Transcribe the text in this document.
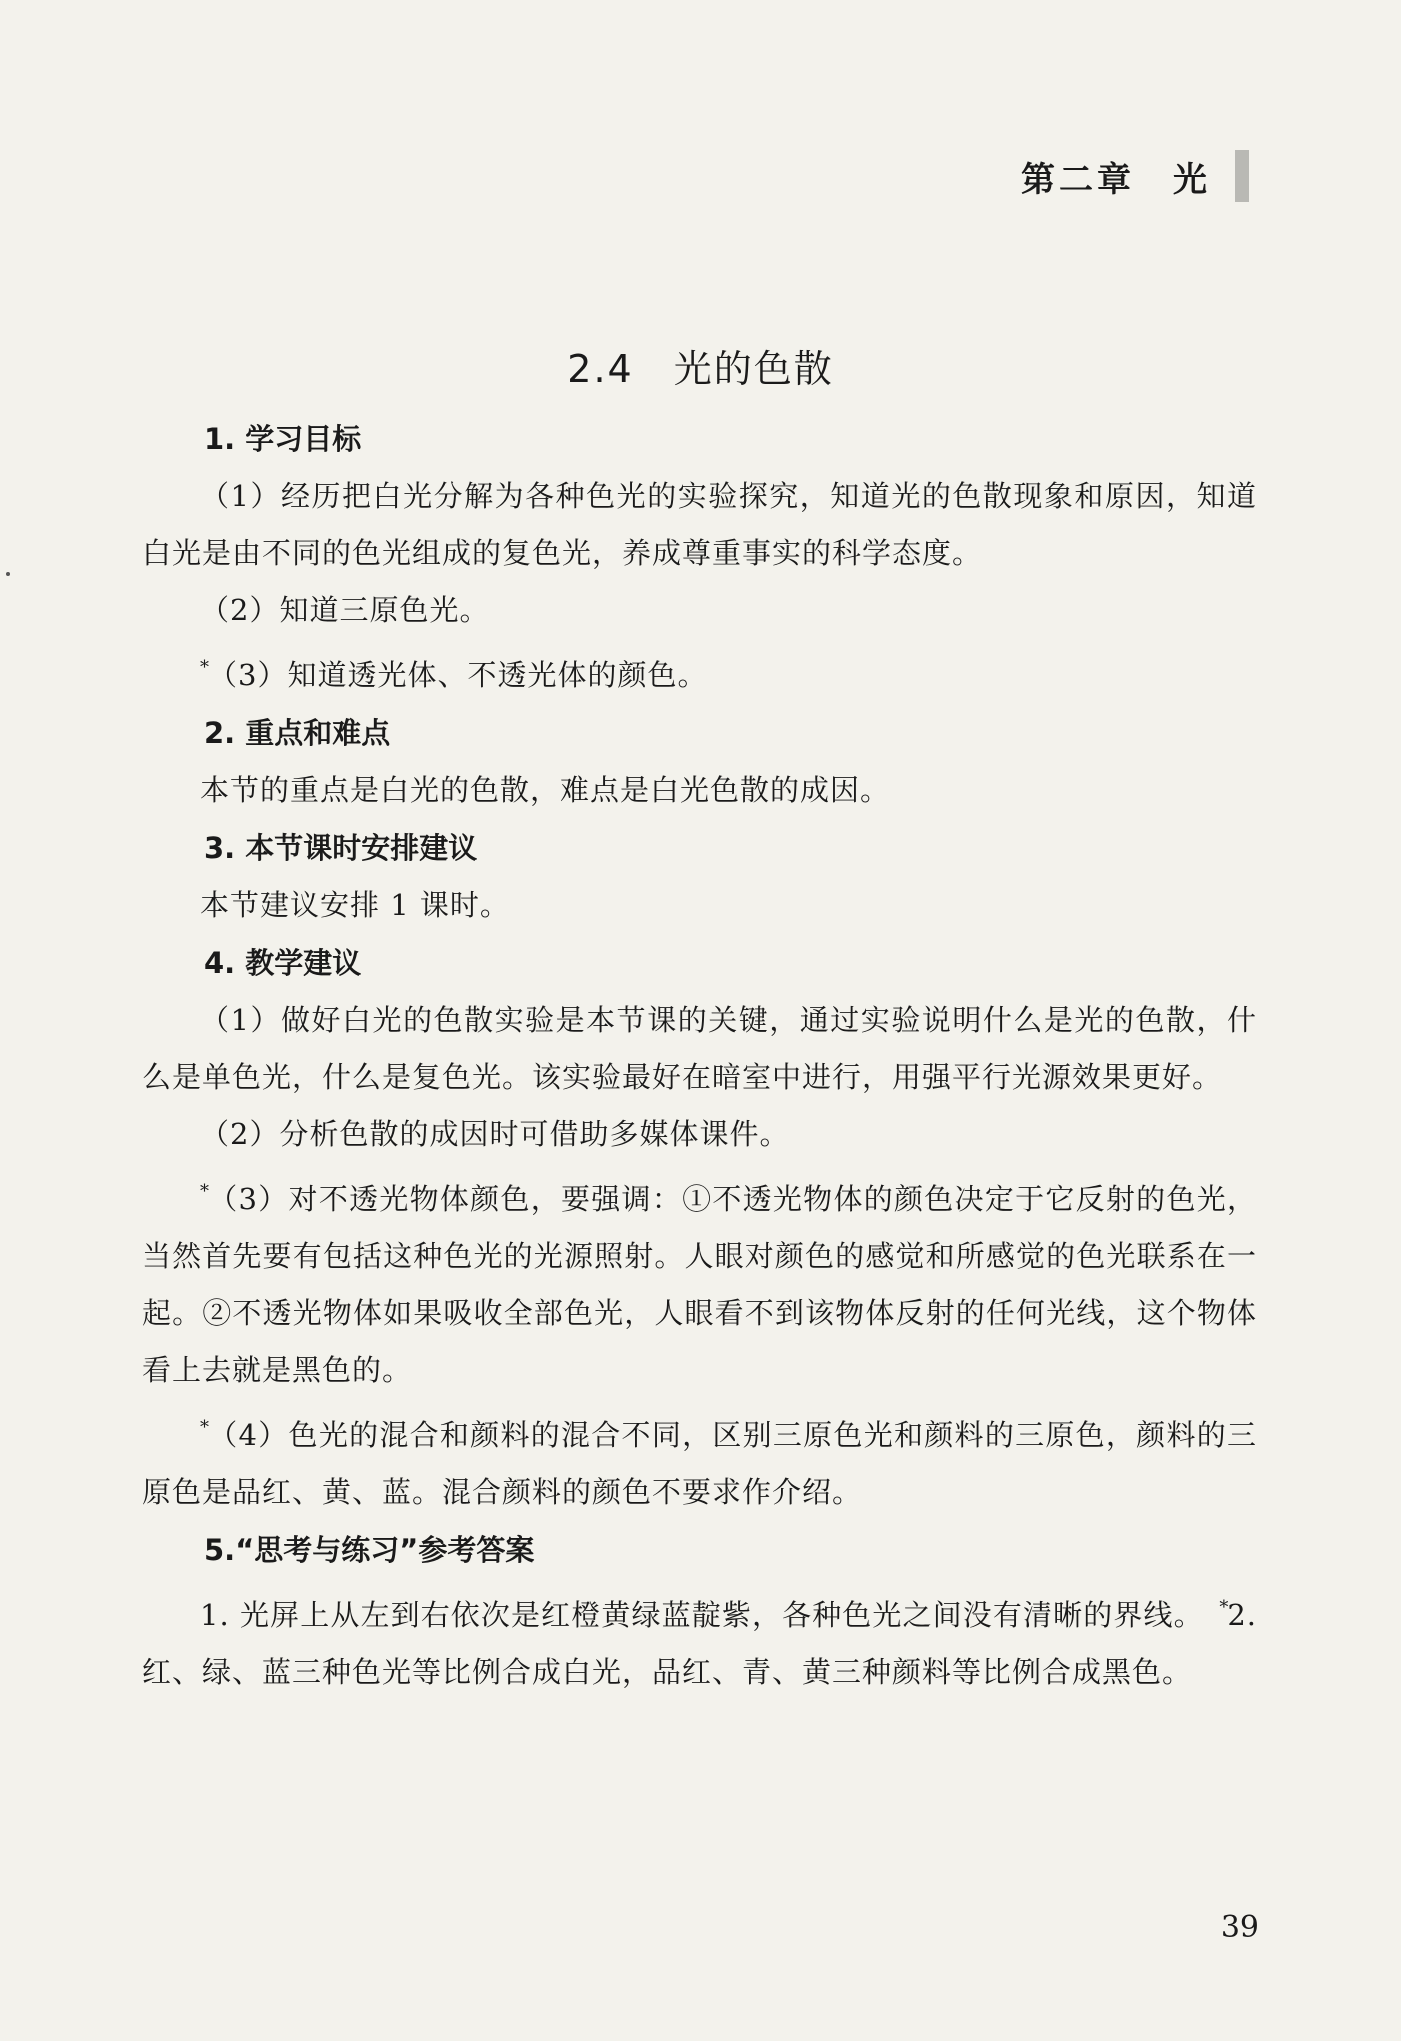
第二章　光
2.4　光的色散
1. 学习目标

（1）经历把白光分解为各种色光的实验探究，知道光的色散现象和原因，知道白光是由不同的色光组成的复色光，养成尊重事实的科学态度。

（2）知道三原色光。

*（3）知道透光体、不透光体的颜色。

2. 重点和难点

本节的重点是白光的色散，难点是白光色散的成因。

3. 本节课时安排建议

本节建议安排 1 课时。

4. 教学建议

（1）做好白光的色散实验是本节课的关键，通过实验说明什么是光的色散，什么是单色光，什么是复色光。该实验最好在暗室中进行，用强平行光源效果更好。

（2）分析色散的成因时可借助多媒体课件。

*（3）对不透光物体颜色，要强调：①不透光物体的颜色决定于它反射的色光，当然首先要有包括这种色光的光源照射。人眼对颜色的感觉和所感觉的色光联系在一起。②不透光物体如果吸收全部色光，人眼看不到该物体反射的任何光线，这个物体看上去就是黑色的。

*（4）色光的混合和颜料的混合不同，区别三原色光和颜料的三原色，颜料的三原色是品红、黄、蓝。混合颜料的颜色不要求作介绍。

5.“思考与练习”参考答案

1. 光屏上从左到右依次是红橙黄绿蓝靛紫，各种色光之间没有清晰的界线。　 *2. 红、绿、蓝三种色光等比例合成白光，品红、青、黄三种颜料等比例合成黑色。

39
